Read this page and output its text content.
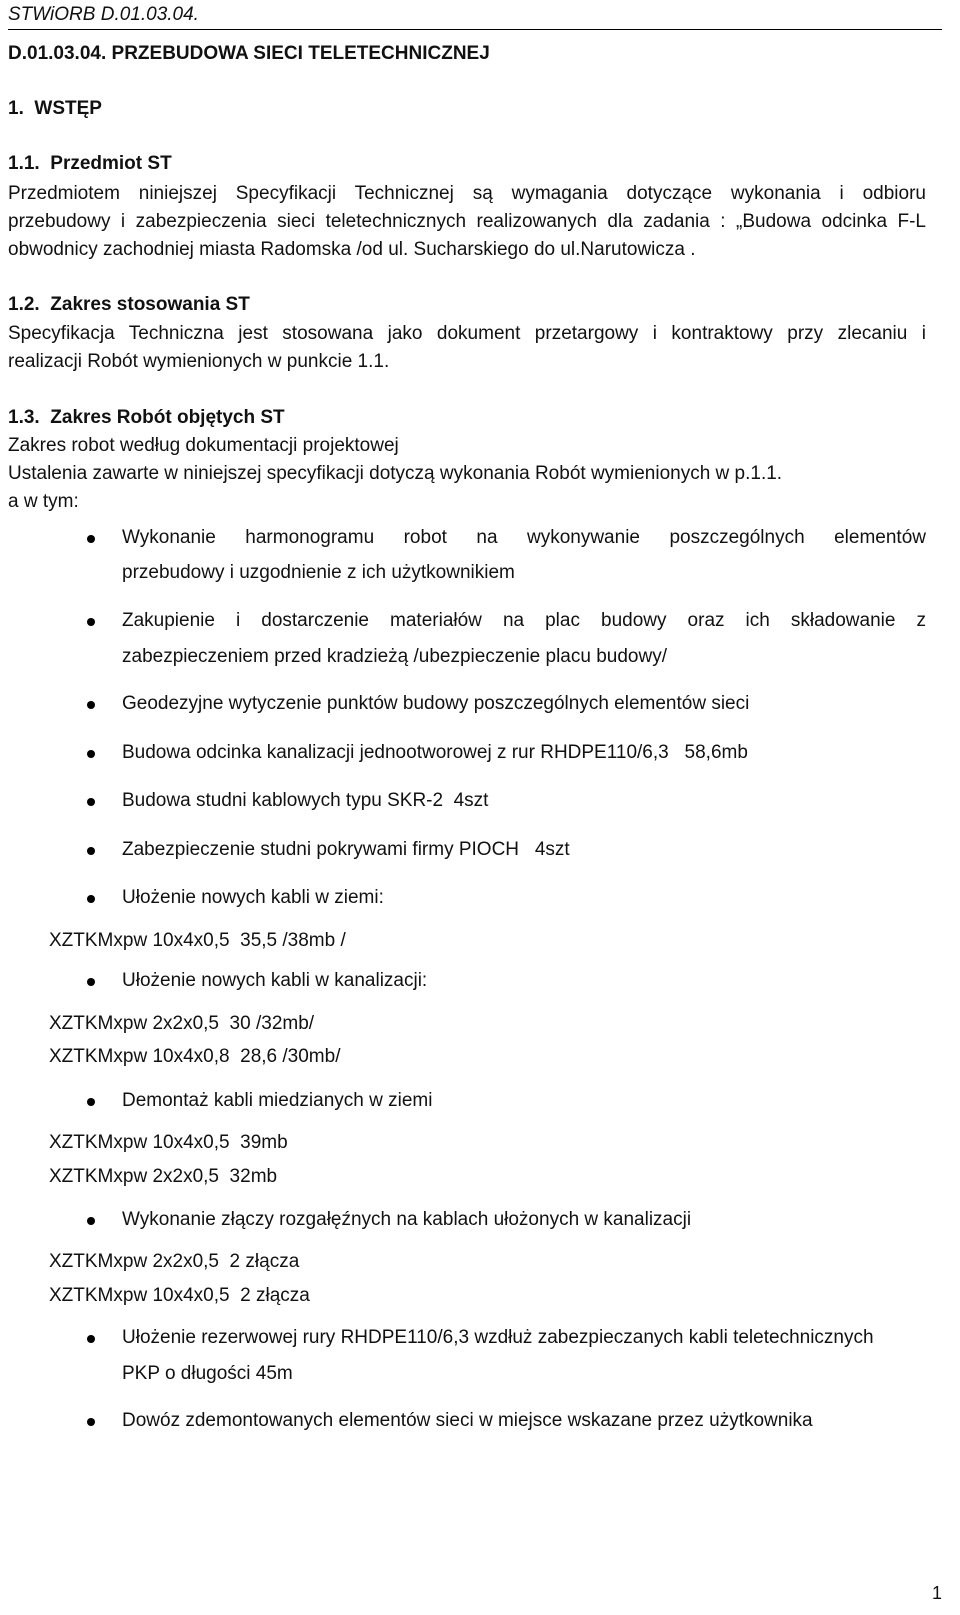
STWiORB D.01.03.04.
D.01.03.04. PRZEBUDOWA SIECI TELETECHNICZNEJ
1. WSTĘP
1.1. Przedmiot ST
Przedmiotem niniejszej Specyfikacji Technicznej są wymagania dotyczące wykonania i odbioru
przebudowy i zabezpieczenia sieci teletechnicznych realizowanych dla zadania : „Budowa odcinka F-L
obwodnicy zachodniej miasta Radomska /od ul. Sucharskiego do ul.Narutowicza .
1.2. Zakres stosowania ST
Specyfikacja Techniczna jest stosowana jako dokument przetargowy i kontraktowy przy zlecaniu i
realizacji Robót wymienionych w punkcie 1.1.
1.3. Zakres Robót objętych ST
Zakres robot według dokumentacji projektowej
Ustalenia zawarte w niniejszej specyfikacji dotyczą wykonania Robót wymienionych w p.1.1.
a w tym:
Wykonanie harmonogramu robot na wykonywanie poszczególnych elementów
przebudowy i uzgodnienie z ich użytkownikiem
Zakupienie i dostarczenie materiałów na plac budowy oraz ich składowanie z
zabezpieczeniem przed kradzieżą /ubezpieczenie placu budowy/
Geodezyjne wytyczenie punktów budowy poszczególnych elementów sieci
Budowa odcinka kanalizacji jednootworowej z rur RHDPE110/6,3   58,6mb
Budowa studni kablowych typu SKR-2  4szt
Zabezpieczenie studni pokrywami firmy PIOCH   4szt
Ułożenie nowych kabli w ziemi:
XZTKMxpw 10x4x0,5  35,5 /38mb /
Ułożenie nowych kabli w kanalizacji:
XZTKMxpw 2x2x0,5  30 /32mb/
XZTKMxpw 10x4x0,8  28,6 /30mb/
Demontaż kabli miedzianych w ziemi
XZTKMxpw 10x4x0,5  39mb
XZTKMxpw 2x2x0,5  32mb
Wykonanie złączy rozgałęźnych na kablach ułożonych w kanalizacji
XZTKMxpw 2x2x0,5  2 złącza
XZTKMxpw 10x4x0,5  2 złącza
Ułożenie rezerwowej rury RHDPE110/6,3 wzdłuż zabezpieczanych kabli teletechnicznych
PKP o długości 45m
Dowóz zdemontowanych elementów sieci w miejsce wskazane przez użytkownika
1
